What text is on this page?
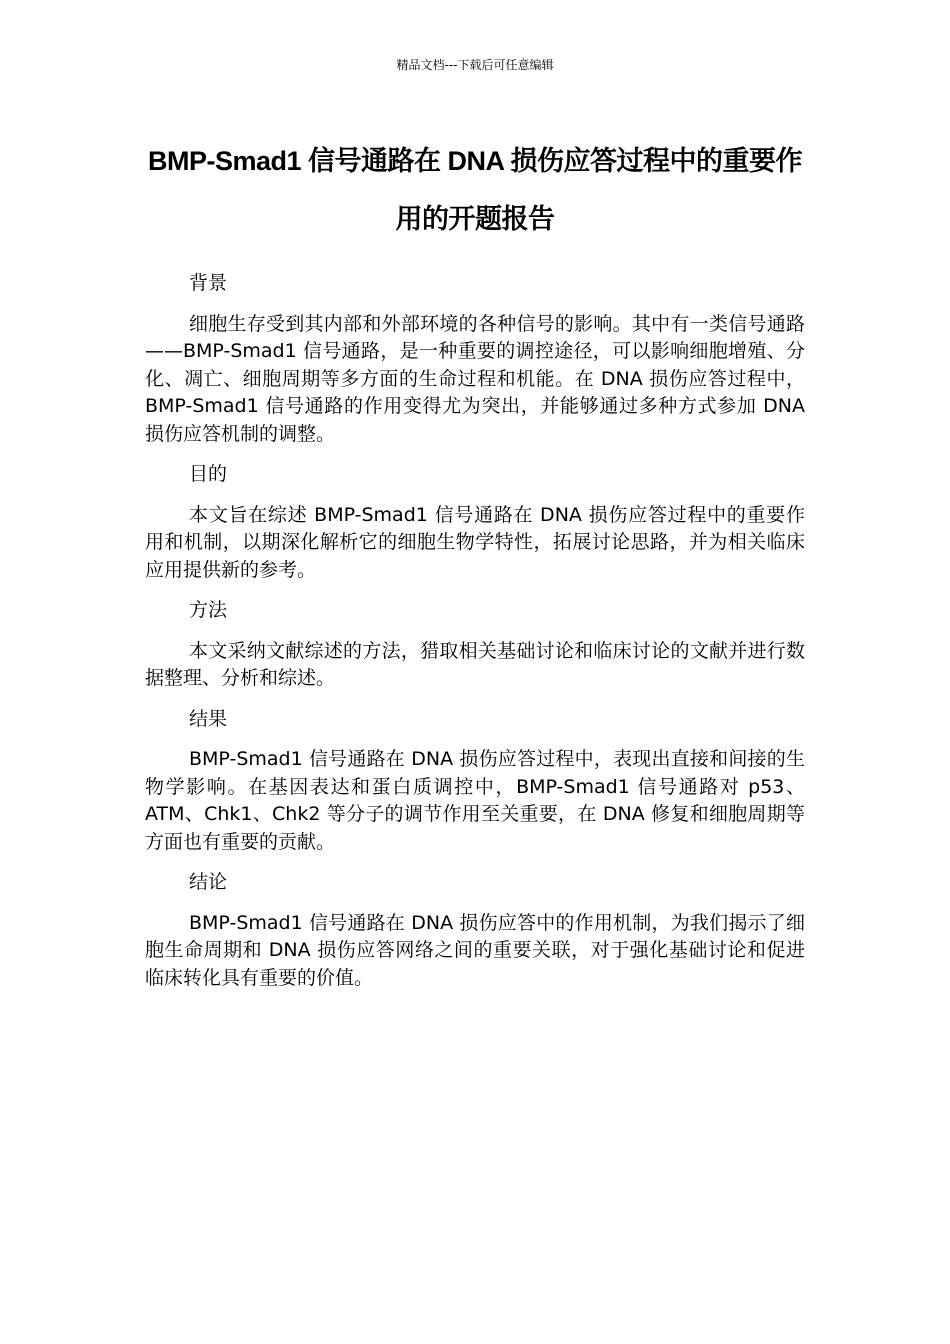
精品文档---下载后可任意编辑
BMP-Smad1 信号通路在 DNA 损伤应答过程中的重要作用的开题报告

背景

细胞生存受到其内部和外部环境的各种信号的影响。其中有一类信号通路——BMP-Smad1 信号通路，是一种重要的调控途径，可以影响细胞增殖、分化、凋亡、细胞周期等多方面的生命过程和机能。在 DNA 损伤应答过程中，BMP-Smad1 信号通路的作用变得尤为突出，并能够通过多种方式参加 DNA 损伤应答机制的调整。

目的

本文旨在综述 BMP-Smad1 信号通路在 DNA 损伤应答过程中的重要作用和机制，以期深化解析它的细胞生物学特性，拓展讨论思路，并为相关临床应用提供新的参考。

方法

本文采纳文献综述的方法，猎取相关基础讨论和临床讨论的文献并进行数据整理、分析和综述。

结果

BMP-Smad1 信号通路在 DNA 损伤应答过程中，表现出直接和间接的生物学影响。在基因表达和蛋白质调控中，BMP-Smad1 信号通路对 p53、ATM、Chk1、Chk2 等分子的调节作用至关重要，在 DNA 修复和细胞周期等方面也有重要的贡献。

结论

BMP-Smad1 信号通路在 DNA 损伤应答中的作用机制，为我们揭示了细胞生命周期和 DNA 损伤应答网络之间的重要关联，对于强化基础讨论和促进临床转化具有重要的价值。
